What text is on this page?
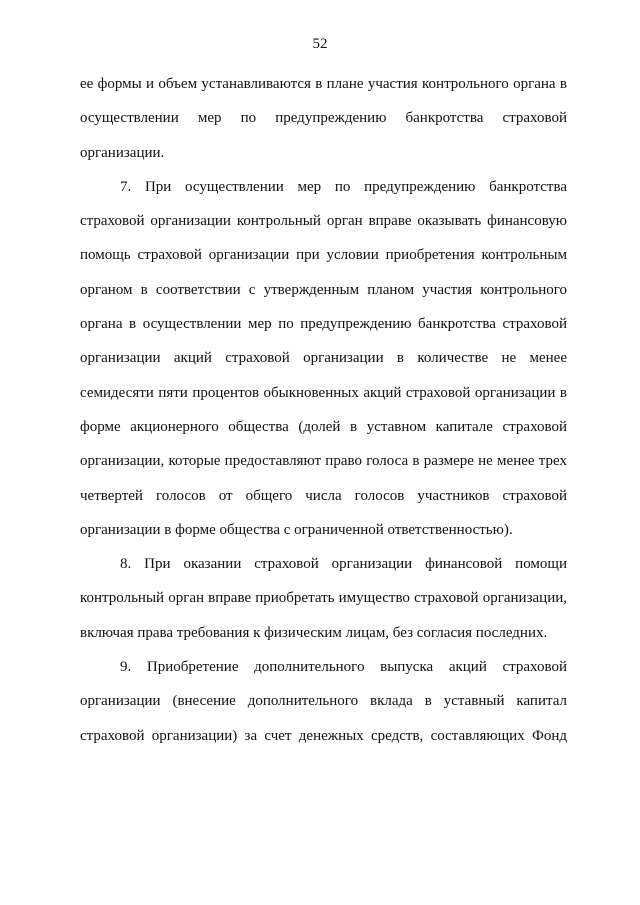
52

ее формы и объем устанавливаются в плане участия контрольного органа в осуществлении мер по предупреждению банкротства страховой организации.

7. При осуществлении мер по предупреждению банкротства страховой организации контрольный орган вправе оказывать финансовую помощь страховой организации при условии приобретения контрольным органом в соответствии с утвержденным планом участия контрольного органа в осуществлении мер по предупреждению банкротства страховой организации акций страховой организации в количестве не менее семидесяти пяти процентов обыкновенных акций страховой организации в форме акционерного общества (долей в уставном капитале страховой организации, которые предоставляют право голоса в размере не менее трех четвертей голосов от общего числа голосов участников страховой организации в форме общества с ограниченной ответственностью).

8. При оказании страховой организации финансовой помощи контрольный орган вправе приобретать имущество страховой организации, включая права требования к физическим лицам, без согласия последних.

9. Приобретение дополнительного выпуска акций страховой организации (внесение дополнительного вклада в уставный капитал страховой организации) за счет денежных средств, составляющих Фонд
